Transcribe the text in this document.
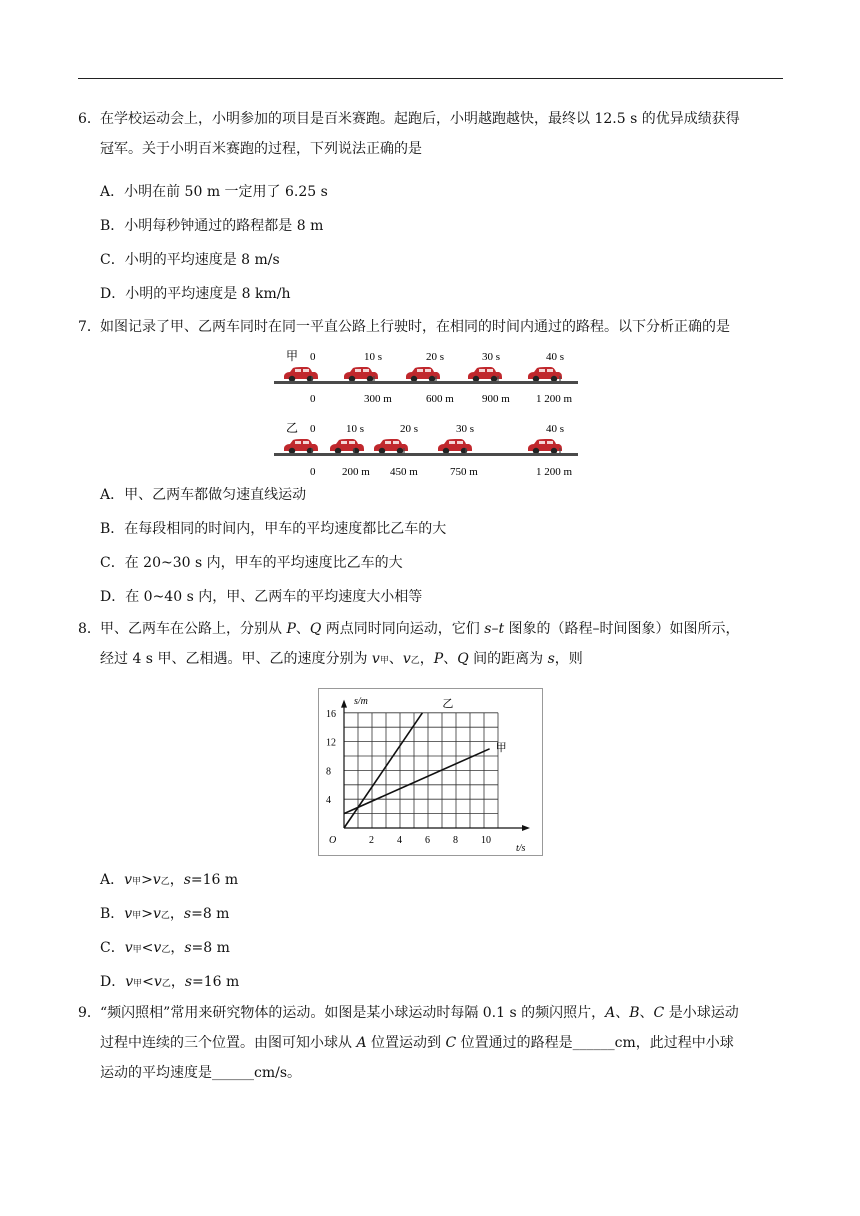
6．在学校运动会上，小明参加的项目是百米赛跑。起跑后，小明越跑越快，最终以 12.5 s 的优异成绩获得
冠军。关于小明百米赛跑的过程，下列说法正确的是
A．小明在前 50 m 一定用了 6.25 s
B．小明每秒钟通过的路程都是 8 m
C．小明的平均速度是 8 m/s
D．小明的平均速度是 8 km/h
7．如图记录了甲、乙两车同时在同一平直公路上行驶时，在相同的时间内通过的路程。以下分析正确的是
甲 0	10 s	20 s	30 s	40 s
0	300 m	600 m	900 m 1 200 m
乙 0	10 s	20 s	30 s	40 s
0 200 m 450 m	750 m	1 200 m
A．甲、乙两车都做匀速直线运动
B．在每段相同的时间内，甲车的平均速度都比乙车的大
C．在 20~30 s 内，甲车的平均速度比乙车的大
D．在 0~40 s 内，甲、乙两车的平均速度大小相等
8．甲、乙两车在公路上，分别从 P、Q 两点同时同向运动，它们 s–t 图象的（路程–时间图象）如图所示，
经过 4 s 甲、乙相遇。甲、乙的速度分别为 v甲、v乙，P、Q 间的距离为 s，则
s/m
t/s
O
乙
甲
4
8
12
16
2 4 6 8 10
A．v甲>v乙，s=16 m
B．v甲>v乙，s=8 m
C．v甲<v乙，s=8 m
D．v甲<v乙，s=16 m
9．“频闪照相”常用来研究物体的运动。如图是某小球运动时每隔 0.1 s 的频闪照片，A、B、C 是小球运动
过程中连续的三个位置。由图可知小球从 A 位置运动到 C 位置通过的路程是______cm，此过程中小球
运动的平均速度是______cm/s。
